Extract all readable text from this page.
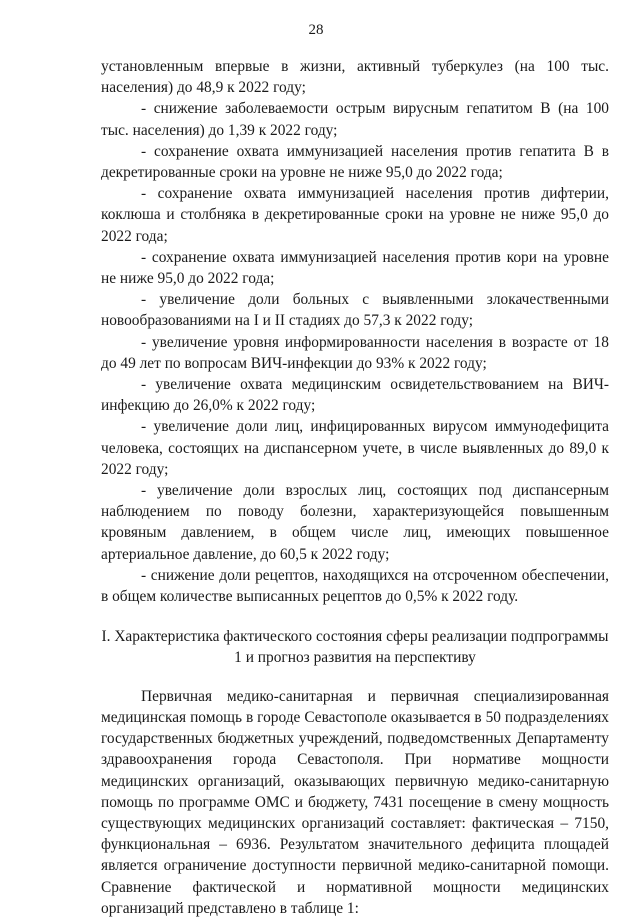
28

установленным впервые в жизни, активный туберкулез (на 100 тыс. населения) до 48,9 к 2022 году;

- снижение заболеваемости острым вирусным гепатитом В (на 100 тыс. населения) до 1,39 к 2022 году;

- сохранение охвата иммунизацией населения против гепатита В в декретированные сроки на уровне не ниже 95,0 до 2022 года;

- сохранение охвата иммунизацией населения против дифтерии, коклюша и столбняка в декретированные сроки на уровне не ниже 95,0 до 2022 года;

- сохранение охвата иммунизацией населения против кори на уровне не ниже 95,0 до 2022 года;

- увеличение доли больных с выявленными злокачественными новообразованиями на I и II стадиях до 57,3 к 2022 году;

- увеличение уровня информированности населения в возрасте от 18 до 49 лет по вопросам ВИЧ-инфекции до 93% к 2022 году;

- увеличение охвата медицинским освидетельствованием на ВИЧ-инфекцию до 26,0% к 2022 году;

- увеличение доли лиц, инфицированных вирусом иммунодефицита человека, состоящих на диспансерном учете, в числе выявленных до 89,0 к 2022 году;

- увеличение доли взрослых лиц, состоящих под диспансерным наблюдением по поводу болезни, характеризующейся повышенным кровяным давлением, в общем числе лиц, имеющих повышенное артериальное давление, до 60,5 к 2022 году;

- снижение доли рецептов, находящихся на отсроченном обеспечении, в общем количестве выписанных рецептов до 0,5% к 2022 году.

I. Характеристика фактического состояния сферы реализации подпрограммы 1 и прогноз развития на перспективу

Первичная медико-санитарная и первичная специализированная медицинская помощь в городе Севастополе оказывается в 50 подразделениях государственных бюджетных учреждений, подведомственных Департаменту здравоохранения города Севастополя. При нормативе мощности медицинских организаций, оказывающих первичную медико-санитарную помощь по программе ОМС и бюджету, 7431 посещение в смену мощность существующих медицинских организаций составляет: фактическая – 7150, функциональная – 6936. Результатом значительного дефицита площадей является ограничение доступности первичной медико-санитарной помощи. Сравнение фактической и нормативной мощности медицинских организаций представлено в таблице 1:
